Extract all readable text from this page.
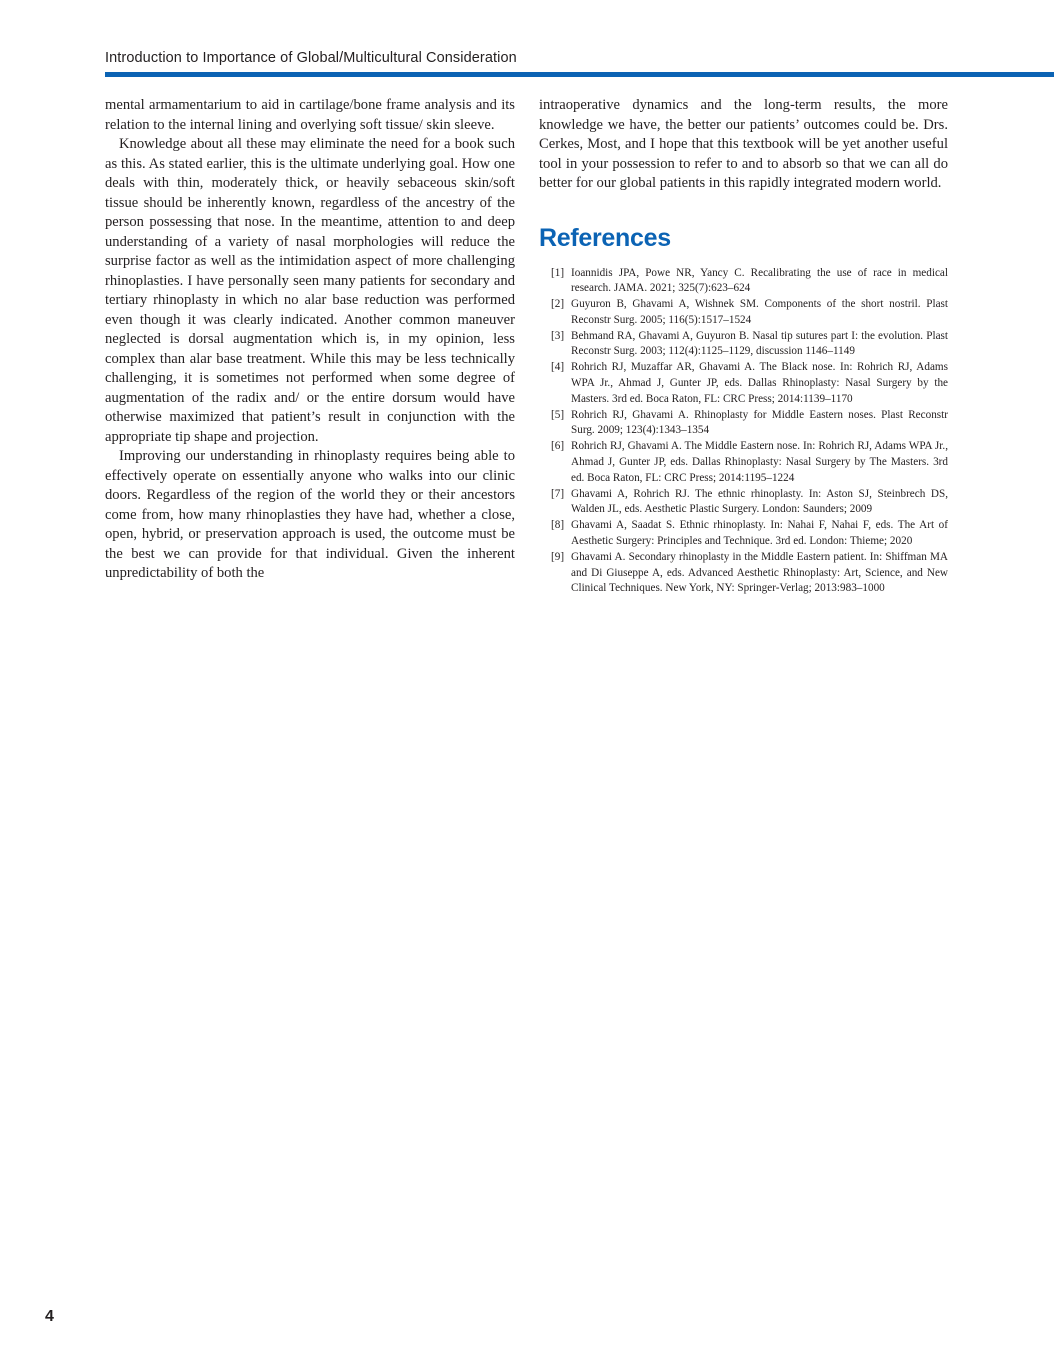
Introduction to Importance of Global/Multicultural Consideration

mental armamentarium to aid in cartilage/bone frame analysis and its relation to the internal lining and overlying soft tissue/ skin sleeve.

Knowledge about all these may eliminate the need for a book such as this. As stated earlier, this is the ultimate underlying goal. How one deals with thin, moderately thick, or heavily sebaceous skin/soft tissue should be inherently known, regardless of the ancestry of the person possessing that nose. In the meantime, attention to and deep understanding of a variety of nasal morphologies will reduce the surprise factor as well as the intimidation aspect of more challenging rhinoplasties. I have personally seen many patients for secondary and tertiary rhinoplasty in which no alar base reduction was performed even though it was clearly indicated. Another common maneuver neglected is dorsal augmentation which is, in my opinion, less complex than alar base treatment. While this may be less technically challenging, it is sometimes not performed when some degree of augmentation of the radix and/ or the entire dorsum would have otherwise maximized that patient’s result in conjunction with the appropriate tip shape and projection.

Improving our understanding in rhinoplasty requires being able to effectively operate on essentially anyone who walks into our clinic doors. Regardless of the region of the world they or their ancestors come from, how many rhinoplasties they have had, whether a close, open, hybrid, or preservation approach is used, the outcome must be the best we can provide for that individual. Given the inherent unpredictability of both the

intraoperative dynamics and the long-term results, the more knowledge we have, the better our patients’ outcomes could be. Drs. Cerkes, Most, and I hope that this textbook will be yet another useful tool in your possession to refer to and to absorb so that we can all do better for our global patients in this rapidly integrated modern world.

References
[1] Ioannidis JPA, Powe NR, Yancy C. Recalibrating the use of race in medical research. JAMA. 2021; 325(7):623–624
[2] Guyuron B, Ghavami A, Wishnek SM. Components of the short nostril. Plast Reconstr Surg. 2005; 116(5):1517–1524
[3] Behmand RA, Ghavami A, Guyuron B. Nasal tip sutures part I: the evolution. Plast Reconstr Surg. 2003; 112(4):1125–1129, discussion 1146–1149
[4] Rohrich RJ, Muzaffar AR, Ghavami A. The Black nose. In: Rohrich RJ, Adams WPA Jr., Ahmad J, Gunter JP, eds. Dallas Rhinoplasty: Nasal Surgery by the Masters. 3rd ed. Boca Raton, FL: CRC Press; 2014:1139–1170
[5] Rohrich RJ, Ghavami A. Rhinoplasty for Middle Eastern noses. Plast Reconstr Surg. 2009; 123(4):1343–1354
[6] Rohrich RJ, Ghavami A. The Middle Eastern nose. In: Rohrich RJ, Adams WPA Jr., Ahmad J, Gunter JP, eds. Dallas Rhinoplasty: Nasal Surgery by The Masters. 3rd ed. Boca Raton, FL: CRC Press; 2014:1195–1224
[7] Ghavami A, Rohrich RJ. The ethnic rhinoplasty. In: Aston SJ, Steinbrech DS, Walden JL, eds. Aesthetic Plastic Surgery. London: Saunders; 2009
[8] Ghavami A, Saadat S. Ethnic rhinoplasty. In: Nahai F, Nahai F, eds. The Art of Aesthetic Surgery: Principles and Technique. 3rd ed. London: Thieme; 2020
[9] Ghavami A. Secondary rhinoplasty in the Middle Eastern patient. In: Shiffman MA and Di Giuseppe A, eds. Advanced Aesthetic Rhinoplasty: Art, Science, and New Clinical Techniques. New York, NY: Springer-Verlag; 2013:983–1000
4
